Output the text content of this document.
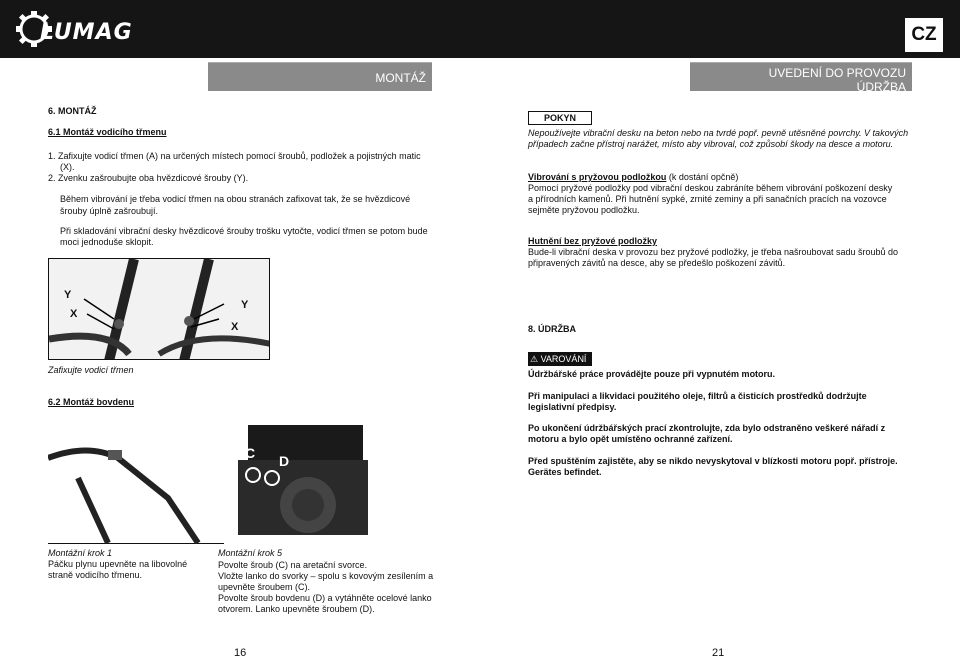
LUMAG	CZ
MONTÁŽ	UVEDENÍ DO PROVOZU
ÚDRŽBA
6. MONTÁŽ
6.1 Montáž vodicího třmenu
1. Zafixujte vodicí třmen (A) na určených místech pomocí šroubů, podložek a pojistných matic
(X).
2. Zvenku zašroubujte oba hvězdicové šrouby (Y).
Během vibrování je třeba vodicí třmen na obou stranách zafixovat tak, že se hvězdicové
šrouby úplně zašroubují.
Při skladování vibrační desky hvězdicové šrouby trošku vytočte, vodicí třmen se potom bude
moci jednoduše sklopit.
Y
X
Y
X
Zafixujte vodicí třmen
6.2 Montáž bovdenu
C D
Montážní krok 1
Páčku plynu upevněte na libovolné
straně vodicího třmenu.
Montážní krok 5
Povolte šroub (C) na aretační svorce.
Vložte lanko do svorky – spolu s kovovým zesílením a
upevněte šroubem (C).
Povolte šroub bovdenu (D) a vytáhněte ocelové lanko
otvorem. Lanko upevněte šroubem (D).
16
POKYN
Nepoužívejte vibrační desku na beton nebo na tvrdé popř. pevně utěsněné povrchy. V takových
případech začne přístroj narážet, místo aby vibroval, což způsobí škody na desce a motoru.
Vibrování s pryžovou podložkou (k dostání opčně)
Pomocí pryžové podložky pod vibrační deskou zabráníte během vibrování poškození desky
a přírodních kamenů. Při hutnění sypké, zrnité zeminy a při sanačních pracích na vozovce
sejměte pryžovou podložku.
Hutnění bez pryžové podložky
Bude-li vibrační deska v provozu bez pryžové podložky, je třeba našroubovat sadu šroubů do
připravených závitů na desce, aby se předešlo poškození závitů.
8. ÚDRŽBA
⚠ VAROVÁNÍ
Údržbářské práce provádějte pouze při vypnutém motoru.
Při manipulaci a likvidaci použitého oleje, filtrů a čisticích prostředků dodržujte
legislativní předpisy.
Po ukončení údržbářských prací zkontrolujte, zda bylo odstraněno veškeré nářadí z
motoru a bylo opět umístěno ochranné zařízení.
Před spuštěním zajistěte, aby se nikdo nevyskytoval v blízkosti motoru popř. přístroje.
Gerätes befindet.
21
